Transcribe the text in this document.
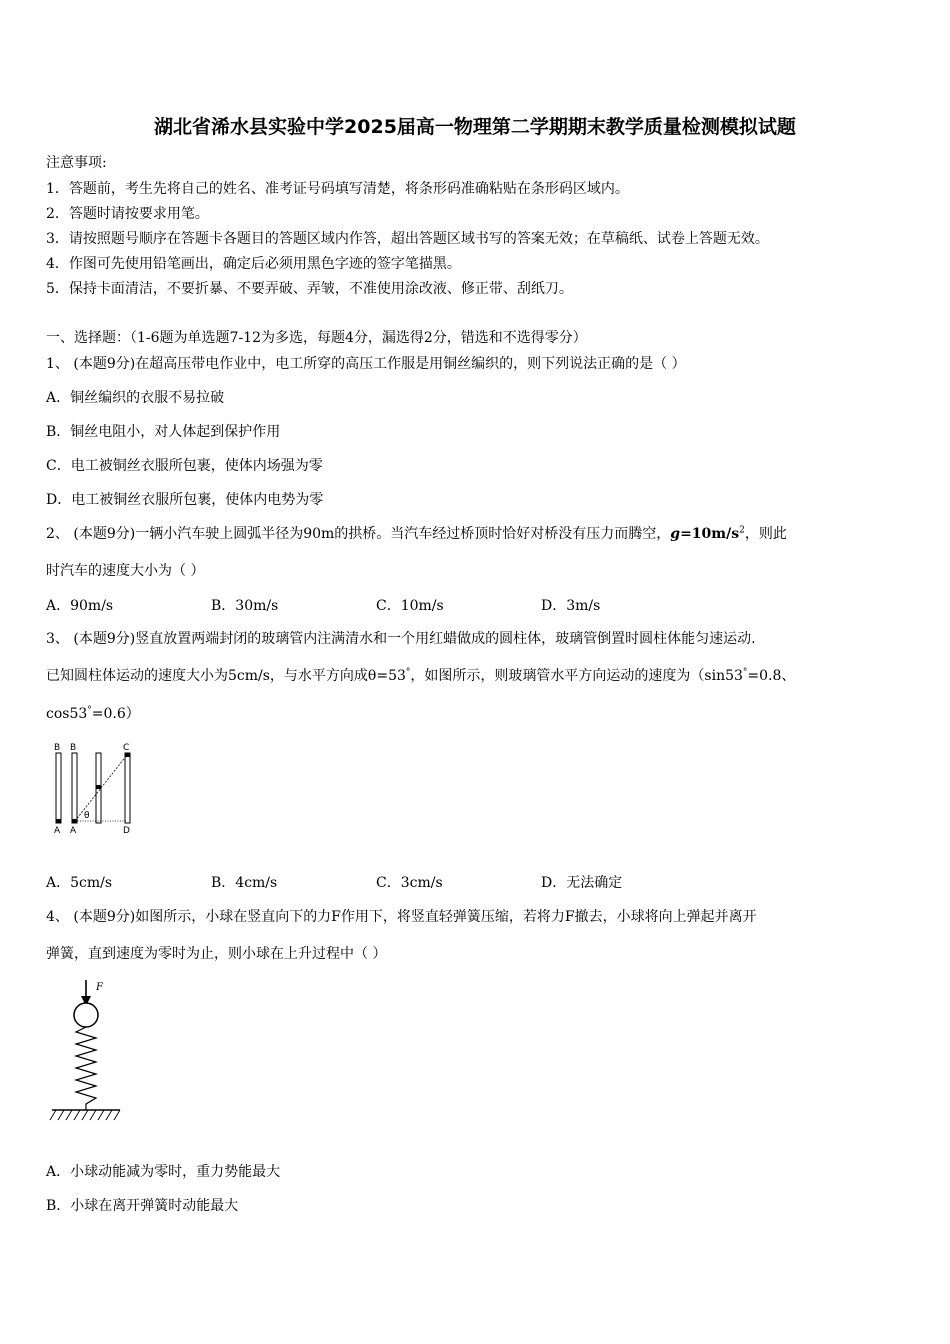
湖北省浠水县实验中学2025届高一物理第二学期期末教学质量检测模拟试题
注意事项:
1．答题前，考生先将自己的姓名、准考证号码填写清楚，将条形码准确粘贴在条形码区域内。
2．答题时请按要求用笔。
3．请按照题号顺序在答题卡各题目的答题区域内作答，超出答题区域书写的答案无效；在草稿纸、试卷上答题无效。
4．作图可先使用铅笔画出，确定后必须用黑色字迹的签字笔描黑。
5．保持卡面清洁，不要折暴、不要弄破、弄皱，不准使用涂改液、修正带、刮纸刀。
一、选择题：（1-6题为单选题7-12为多选，每题4分，漏选得2分，错选和不选得零分）
1、 (本题9分)在超高压带电作业中，电工所穿的高压工作服是用铜丝编织的，则下列说法正确的是（ ）
A．铜丝编织的衣服不易拉破
B．铜丝电阻小，对人体起到保护作用
C．电工被铜丝衣服所包裹，使体内场强为零
D．电工被铜丝衣服所包裹，使体内电势为零
2、 (本题9分)一辆小汽车驶上圆弧半径为90m的拱桥。当汽车经过桥顶时恰好对桥没有压力而腾空，$g=10m/s^2$，则此
时汽车的速度大小为（ ）
A．90m/s	B．30m/s	C．10m/s	D．3m/s
3、 (本题9分)竖直放置两端封闭的玻璃管内注满清水和一个用红蜡做成的圆柱体，玻璃管倒置时圆柱体能匀速运动.
已知圆柱体运动的速度大小为5cm/s，与水平方向成θ=53°，如图所示，则玻璃管水平方向运动的速度为（sin53°=0.8、
cos53°=0.6）
B B	C
θ
A A	D
A．5cm/s	B．4cm/s	C．3cm/s	D．无法确定
4、 (本题9分)如图所示，小球在竖直向下的力F作用下，将竖直轻弹簧压缩，若将力F撤去，小球将向上弹起并离开
弹簧，直到速度为零时为止，则小球在上升过程中（ ）
F
A．小球动能减为零时，重力势能最大
B．小球在离开弹簧时动能最大
